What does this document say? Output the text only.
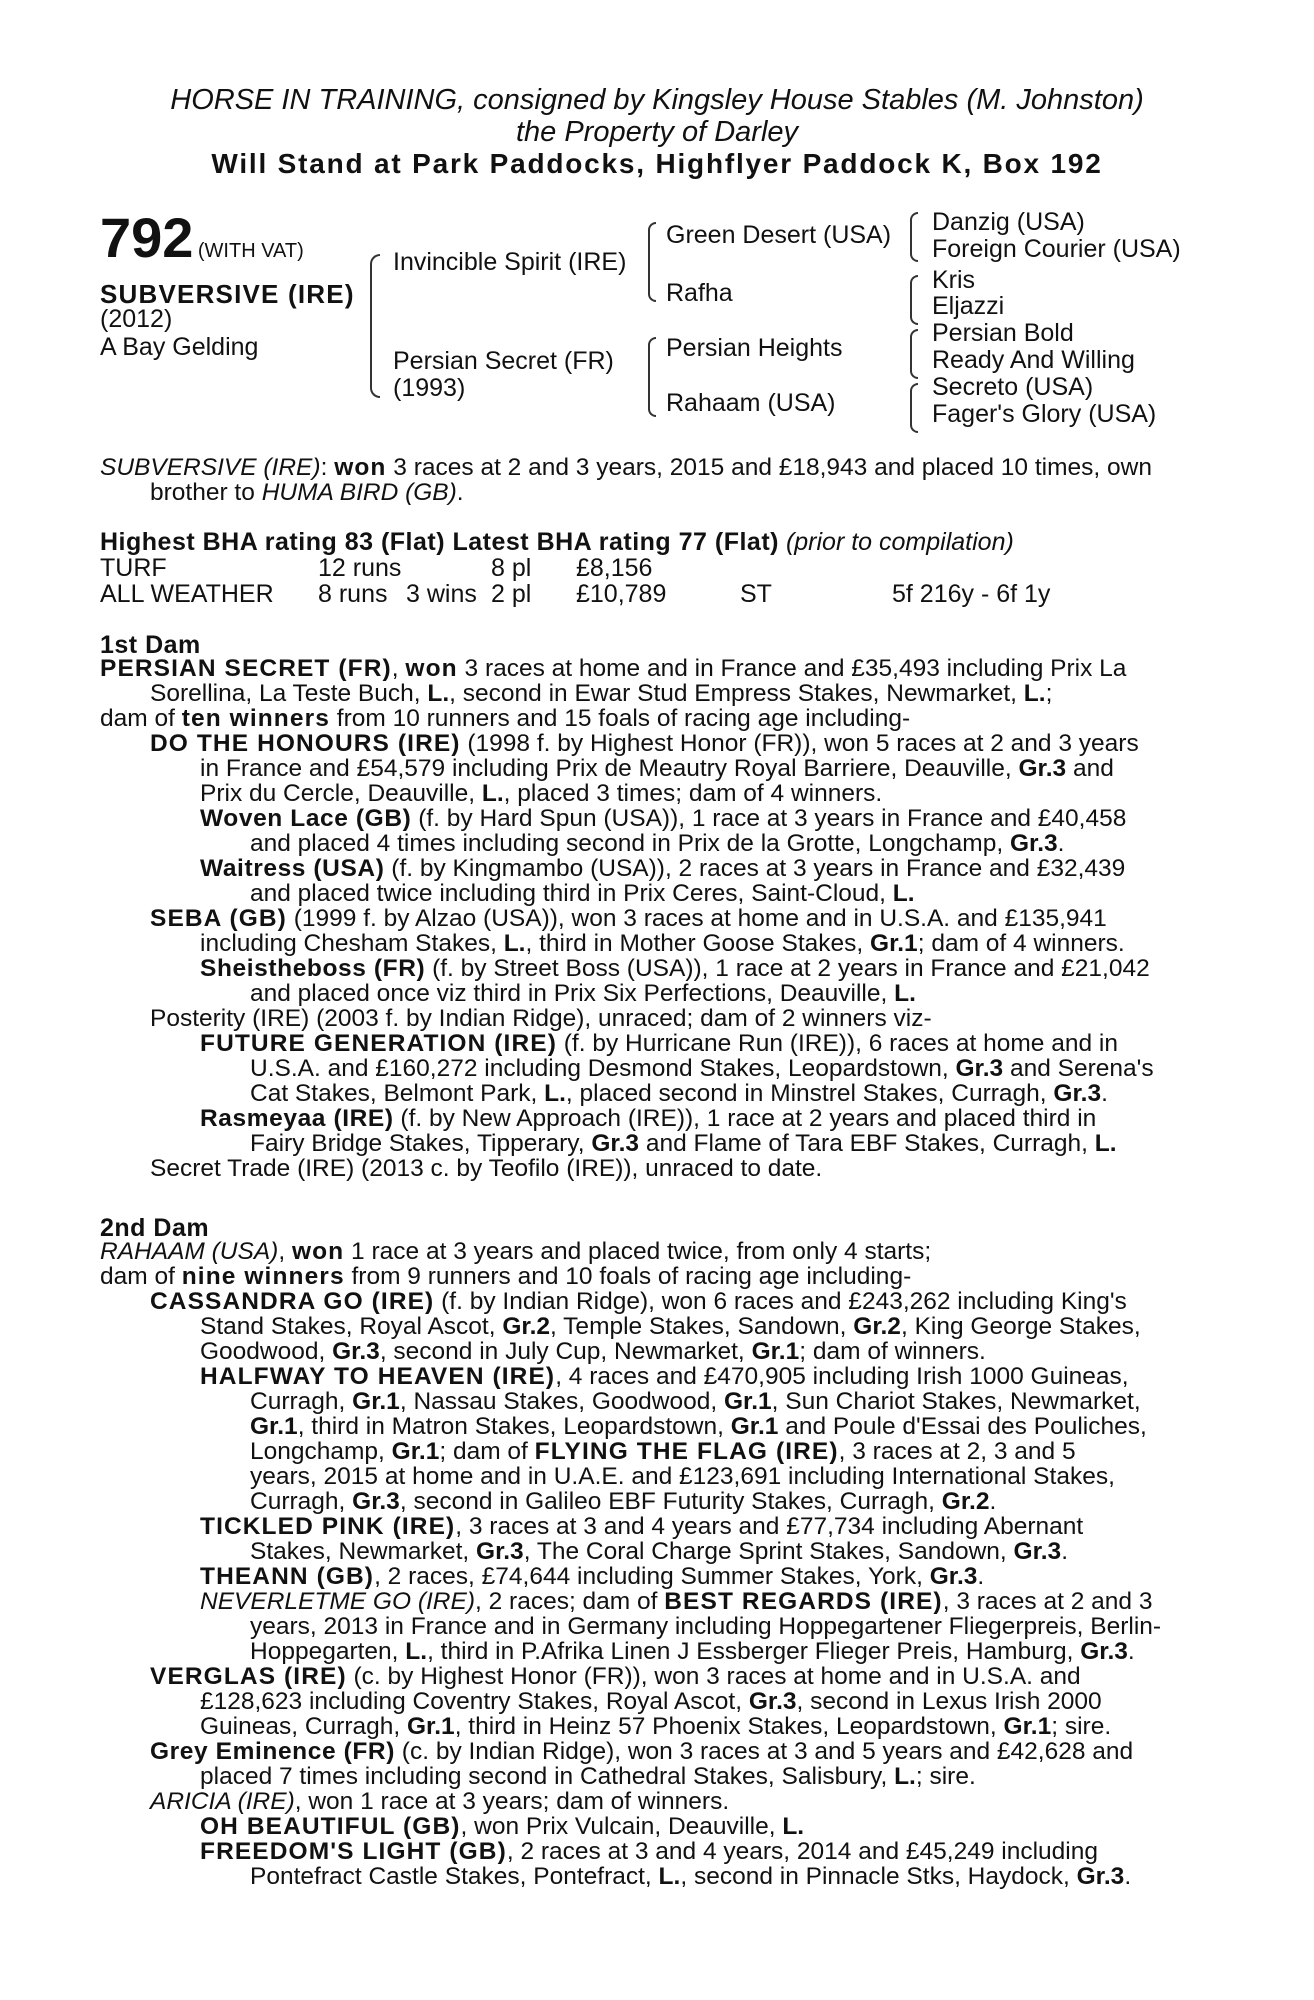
HORSE IN TRAINING, consigned by Kingsley House Stables (M. Johnston)
the Property of Darley
Will Stand at Park Paddocks, Highflyer Paddock K, Box 192
792 (WITH VAT)
SUBVERSIVE (IRE)
(2012)
A Bay Gelding
Invincible Spirit (IRE)
Persian Secret (FR)
(1993)
Green Desert (USA)
Rafha
Persian Heights
Rahaam (USA)
Danzig (USA)
Foreign Courier (USA)
Kris
Eljazzi
Persian Bold
Ready And Willing
Secreto (USA)
Fager's Glory (USA)
SUBVERSIVE (IRE): won 3 races at 2 and 3 years, 2015 and £18,943 and placed 10 times, own
brother to HUMA BIRD (GB).
Highest BHA rating 83 (Flat) Latest BHA rating 77 (Flat) (prior to compilation)
TURF	12 runs	8 pl £8,156
ALL WEATHER 8 runs 3 wins 2 pl £10,789	ST	5f 216y - 6f 1y
1st Dam
PERSIAN SECRET (FR), won 3 races at home and in France and £35,493 including Prix La
Sorellina, La Teste Buch, L., second in Ewar Stud Empress Stakes, Newmarket, L.;
dam of ten winners from 10 runners and 15 foals of racing age including-
DO THE HONOURS (IRE) (1998 f. by Highest Honor (FR)), won 5 races at 2 and 3 years
in France and £54,579 including Prix de Meautry Royal Barriere, Deauville, Gr.3 and
Prix du Cercle, Deauville, L., placed 3 times; dam of 4 winners.
Woven Lace (GB) (f. by Hard Spun (USA)), 1 race at 3 years in France and £40,458
and placed 4 times including second in Prix de la Grotte, Longchamp, Gr.3.
Waitress (USA) (f. by Kingmambo (USA)), 2 races at 3 years in France and £32,439
and placed twice including third in Prix Ceres, Saint-Cloud, L.
SEBA (GB) (1999 f. by Alzao (USA)), won 3 races at home and in U.S.A. and £135,941
including Chesham Stakes, L., third in Mother Goose Stakes, Gr.1; dam of 4 winners.
Sheistheboss (FR) (f. by Street Boss (USA)), 1 race at 2 years in France and £21,042
and placed once viz third in Prix Six Perfections, Deauville, L.
Posterity (IRE) (2003 f. by Indian Ridge), unraced; dam of 2 winners viz-
FUTURE GENERATION (IRE) (f. by Hurricane Run (IRE)), 6 races at home and in
U.S.A. and £160,272 including Desmond Stakes, Leopardstown, Gr.3 and Serena's
Cat Stakes, Belmont Park, L., placed second in Minstrel Stakes, Curragh, Gr.3.
Rasmeyaa (IRE) (f. by New Approach (IRE)), 1 race at 2 years and placed third in
Fairy Bridge Stakes, Tipperary, Gr.3 and Flame of Tara EBF Stakes, Curragh, L.
Secret Trade (IRE) (2013 c. by Teofilo (IRE)), unraced to date.
2nd Dam
RAHAAM (USA), won 1 race at 3 years and placed twice, from only 4 starts;
dam of nine winners from 9 runners and 10 foals of racing age including-
CASSANDRA GO (IRE) (f. by Indian Ridge), won 6 races and £243,262 including King's
Stand Stakes, Royal Ascot, Gr.2, Temple Stakes, Sandown, Gr.2, King George Stakes,
Goodwood, Gr.3, second in July Cup, Newmarket, Gr.1; dam of winners.
HALFWAY TO HEAVEN (IRE), 4 races and £470,905 including Irish 1000 Guineas,
Curragh, Gr.1, Nassau Stakes, Goodwood, Gr.1, Sun Chariot Stakes, Newmarket,
Gr.1, third in Matron Stakes, Leopardstown, Gr.1 and Poule d'Essai des Pouliches,
Longchamp, Gr.1; dam of FLYING THE FLAG (IRE), 3 races at 2, 3 and 5
years, 2015 at home and in U.A.E. and £123,691 including International Stakes,
Curragh, Gr.3, second in Galileo EBF Futurity Stakes, Curragh, Gr.2.
TICKLED PINK (IRE), 3 races at 3 and 4 years and £77,734 including Abernant
Stakes, Newmarket, Gr.3, The Coral Charge Sprint Stakes, Sandown, Gr.3.
THEANN (GB), 2 races, £74,644 including Summer Stakes, York, Gr.3.
NEVERLETME GO (IRE), 2 races; dam of BEST REGARDS (IRE), 3 races at 2 and 3
years, 2013 in France and in Germany including Hoppegartener Fliegerpreis, Berlin-
Hoppegarten, L., third in P.Afrika Linen J Essberger Flieger Preis, Hamburg, Gr.3.
VERGLAS (IRE) (c. by Highest Honor (FR)), won 3 races at home and in U.S.A. and
£128,623 including Coventry Stakes, Royal Ascot, Gr.3, second in Lexus Irish 2000
Guineas, Curragh, Gr.1, third in Heinz 57 Phoenix Stakes, Leopardstown, Gr.1; sire.
Grey Eminence (FR) (c. by Indian Ridge), won 3 races at 3 and 5 years and £42,628 and
placed 7 times including second in Cathedral Stakes, Salisbury, L.; sire.
ARICIA (IRE), won 1 race at 3 years; dam of winners.
OH BEAUTIFUL (GB), won Prix Vulcain, Deauville, L.
FREEDOM'S LIGHT (GB), 2 races at 3 and 4 years, 2014 and £45,249 including
Pontefract Castle Stakes, Pontefract, L., second in Pinnacle Stks, Haydock, Gr.3.
